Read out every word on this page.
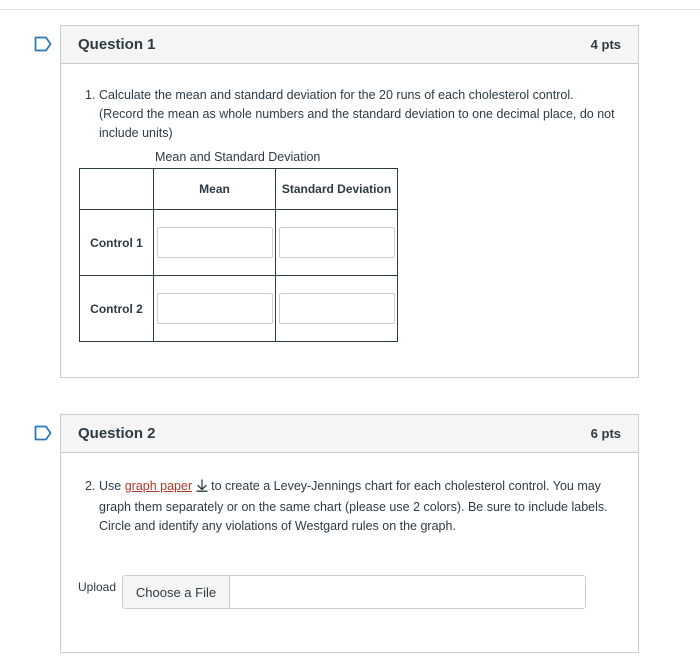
Question 1	4 pts
1. Calculate the mean and standard deviation for the 20 runs of each cholesterol control.
(Record the mean as whole numbers and the standard deviation to one decimal place, do not
include units)
Mean and Standard Deviation
	Mean	Standard Deviation
Control 1	

Control 2	

Question 2	6 pts
2. Use graph paper to create a Levey-Jennings chart for each cholesterol control. You may
graph them separately or on the same chart (please use 2 colors). Be sure to include labels.
Circle and identify any violations of Westgard rules on the graph.
Upload	Choose a File
